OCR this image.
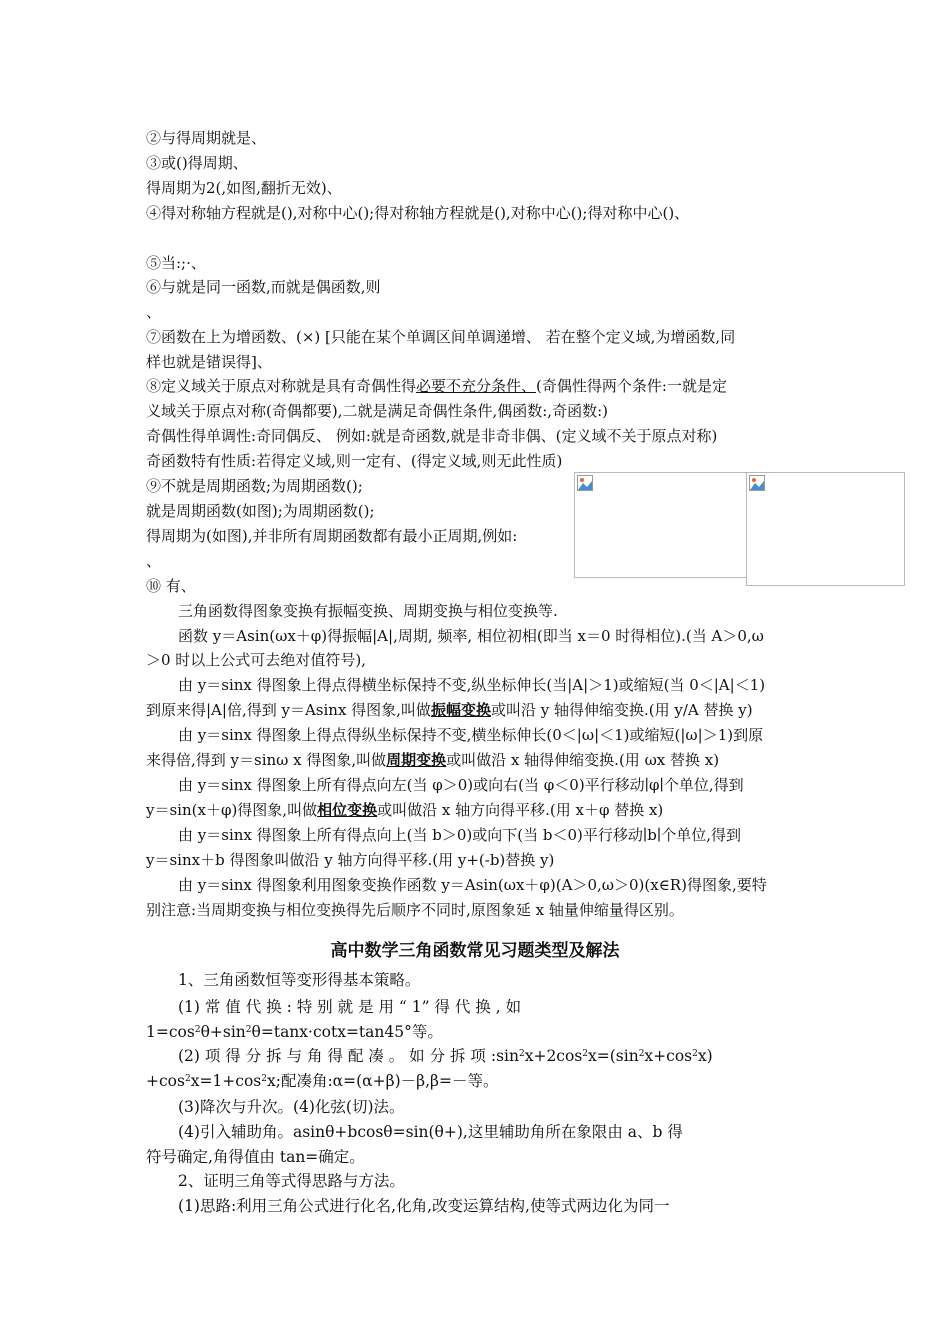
②与得周期就是、
③或()得周期、
得周期为2(,如图,翻折无效)、
④得对称轴方程就是(),对称中心();得对称轴方程就是(),对称中心();得对称中心()、
⑤当:;·、
⑥与就是同一函数,而就是偶函数,则
、
⑦函数在上为增函数、(×) [只能在某个单调区间单调递增、 若在整个定义域,为增函数,同
样也就是错误得]、
⑧定义域关于原点对称就是具有奇偶性得必要不充分条件、(奇偶性得两个条件:一就是定
义域关于原点对称(奇偶都要),二就是满足奇偶性条件,偶函数:,奇函数:)
奇偶性得单调性:奇同偶反、 例如:就是奇函数,就是非奇非偶、(定义域不关于原点对称)
奇函数特有性质:若得定义域,则一定有、(得定义域,则无此性质)
⑨不就是周期函数;为周期函数();
就是周期函数(如图);为周期函数();
得周期为(如图),并非所有周期函数都有最小正周期,例如:
、
⑩ 有、
三角函数得图象变换有振幅变换、周期变换与相位变换等.
函数 y＝Asin(ωx＋φ)得振幅|A|,周期, 频率, 相位初相(即当 x＝0 时得相位).(当 A＞0,ω
＞0 时以上公式可去绝对值符号),
由 y＝sinx 得图象上得点得横坐标保持不变,纵坐标伸长(当|A|＞1)或缩短(当 0＜|A|＜1)
到原来得|A|倍,得到 y＝Asinx 得图象,叫做振幅变换或叫沿 y 轴得伸缩变换.(用 y/A 替换 y)
由 y＝sinx 得图象上得点得纵坐标保持不变,横坐标伸长(0＜|ω|＜1)或缩短(|ω|＞1)到原
来得倍,得到 y＝sinω x 得图象,叫做周期变换或叫做沿 x 轴得伸缩变换.(用 ωx 替换 x)
由 y＝sinx 得图象上所有得点向左(当 φ＞0)或向右(当 φ＜0)平行移动∣φ∣个单位,得到
y＝sin(x＋φ)得图象,叫做相位变换或叫做沿 x 轴方向得平移.(用 x＋φ 替换 x)
由 y＝sinx 得图象上所有得点向上(当 b＞0)或向下(当 b＜0)平行移动∣b∣个单位,得到
y＝sinx＋b 得图象叫做沿 y 轴方向得平移.(用 y+(-b)替换 y)
由 y＝sinx 得图象利用图象变换作函数 y＝Asin(ωx＋φ)(A＞0,ω＞0)(x∈R)得图象,要特
别注意:当周期变换与相位变换得先后顺序不同时,原图象延 x 轴量伸缩量得区别。
高中数学三角函数常见习题类型及解法
1、三角函数恒等变形得基本策略。
(1) 常 值 代 换 : 特 别 就 是 用 “ 1” 得 代 换 , 如
$1=\cos^2\theta+\sin^2\theta=\tan x\cdot\cot x=\tan 45^\circ$等。
(2) 项 得 分 拆 与 角 得 配 凑 。 如 分 拆 项 $:\sin^2x+2\cos^2x=(\sin^2x+\cos^2x)$
$+\cos^2x=1+\cos^2x$;配凑角:α=(α+β)－β,β=－等。
(3)降次与升次。(4)化弦(切)法。
(4)引入辅助角。asinθ+bcosθ=sin(θ+),这里辅助角所在象限由 a、b 得
符号确定,角得值由 tan=确定。
2、证明三角等式得思路与方法。
(1)思路:利用三角公式进行化名,化角,改变运算结构,使等式两边化为同一
